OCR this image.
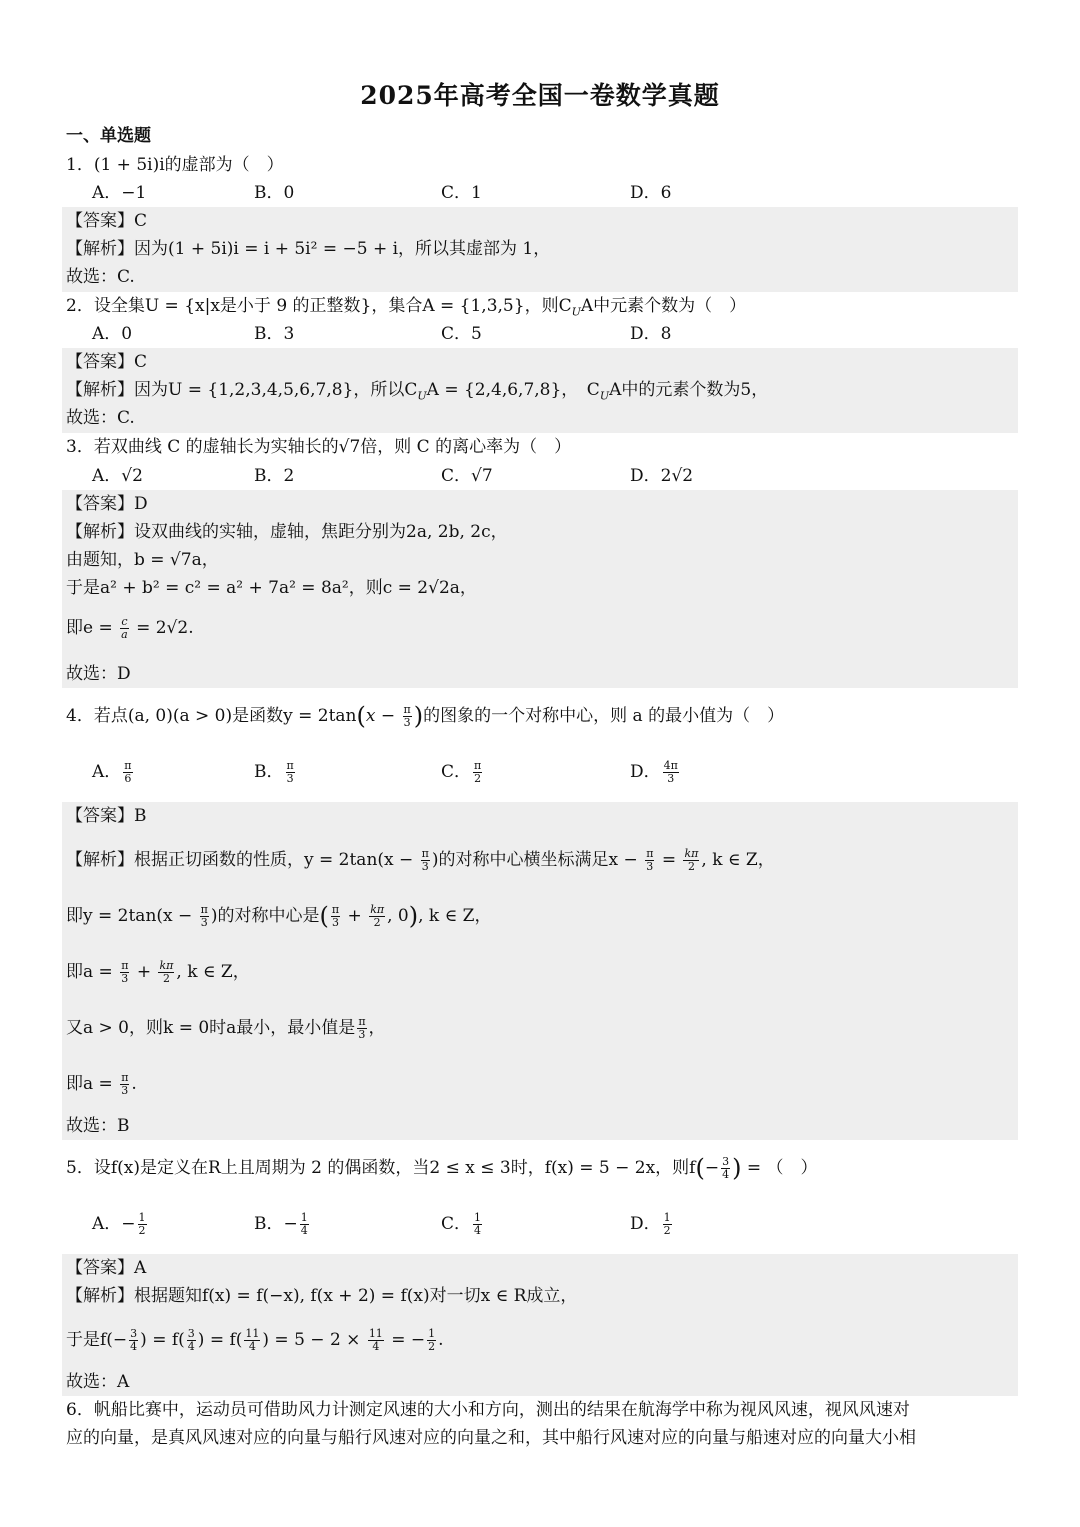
2025年高考全国一卷数学真题
一、单选题
1．(1 + 5i)i的虚部为（　）
A．−1	B．0	C．1	D．6
【答案】C
【解析】因为(1 + 5i)i = i + 5i² = −5 + i，所以其虚部为 1，
故选：C.
2．设全集U = {x|x是小于 9 的正整数}，集合A = {1,3,5}，则$C_UA$中元素个数为（　）
A．0	B．3	C．5	D．8
【答案】C
【解析】因为U = {1,2,3,4,5,6,7,8}，所以$C_UA = \{2,4,6,7,8\}$，　$C_UA$中的元素个数为5，
故选：C.
3．若双曲线 C 的虚轴长为实轴长的√7倍，则 C 的离心率为（　）
A．√2	B．2	C．√7	D．2√2
【答案】D
【解析】设双曲线的实轴，虚轴，焦距分别为2a, 2b, 2c，
由题知，b = √7a，
于是a² + b² = c² = a² + 7a² = 8a²，则c = 2√2a，
即$e = \frac{c}{a} = 2√2$.
故选：D
4．若点(a, 0)(a > 0)是函数$y = 2\tan(x - \frac{\pi}{3}$ )的图象的一个对称中心，则 a 的最小值为（　）
A． $\frac{\pi}{6}$	B． $\frac{\pi}{3}$	C． $\frac{\pi}{2}$	D． $\frac{4\pi}{3}$
【答案】B
【解析】根据正切函数的性质，$y = 2\tan(x - \frac{\pi}{3}$ )的对称中心横坐标满足$x - \frac{\pi}{3} = \frac{k\pi}{2}$ , k ∈ Z，
即$y = 2\tan(x - \frac{\pi}{3}$ )的对称中心是( $\frac{\pi}{3} + \frac{k\pi}{2}$ , 0), k ∈ Z，
即$a = \frac{\pi}{3} + \frac{k\pi}{2}$ , k ∈ Z，
又a > 0，则k = 0时a最小，最小值是 $\frac{\pi}{3}$ ，
即$a = \frac{\pi}{3}$ .
故选：B
5．设f(x)是定义在R上且周期为 2 的偶函数，当2 ≤ x ≤ 3时，f(x) = 5 − 2x，则$f(- \frac{3}{4}$ ) = （　）
A．− $\frac{1}{2}$	B．− $\frac{1}{4}$	C． $\frac{1}{4}$	D． $\frac{1}{2}$
【答案】A
【解析】根据题知f(x) = f(−x), f(x + 2) = f(x)对一切x ∈ R成立，
于是$f(- \frac{3}{4}$ ) = $f( \frac{3}{4}$ ) = $f( \frac{11}{4}$ ) = $5 - 2 \times \frac{11}{4}$ = − $\frac{1}{2}$ .
故选：A
6．帆船比赛中，运动员可借助风力计测定风速的大小和方向，测出的结果在航海学中称为视风风速，视风风速对
应的向量，是真风风速对应的向量与船行风速对应的向量之和，其中船行风速对应的向量与船速对应的向量大小相
